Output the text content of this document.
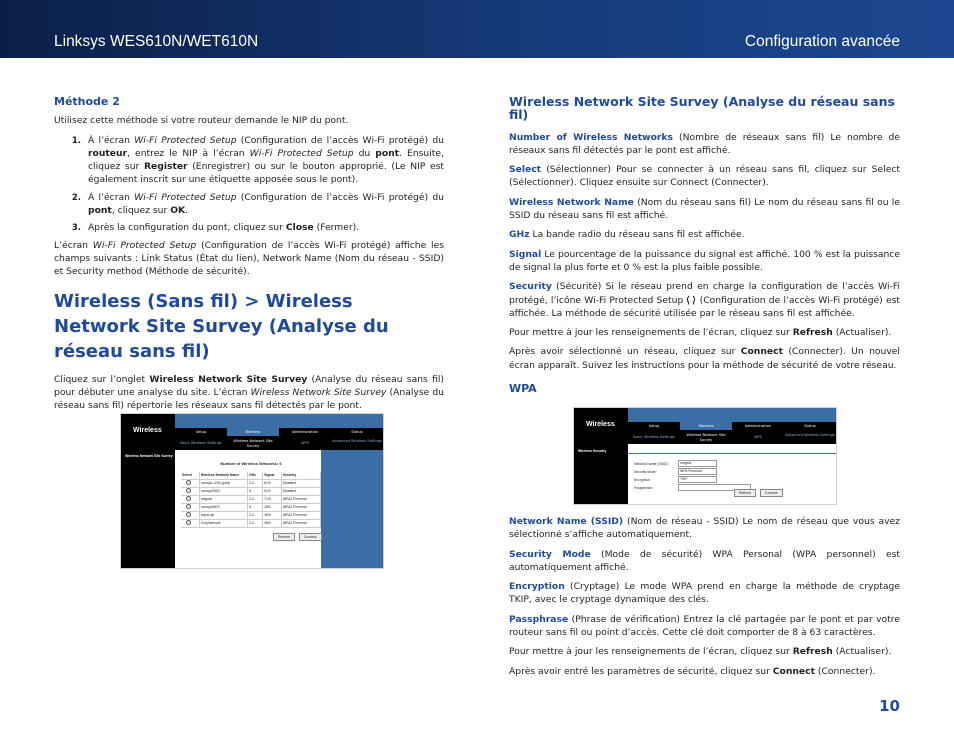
Linksys WES610N/WET610N	Configuration avancée
Méthode 2

Utilisez cette méthode si votre routeur demande le NIP du pont.

1. À l’écran Wi-Fi Protected Setup (Configuration de l’accès Wi-Fi protégé) du routeur, entrez le NIP à l’écran Wi-Fi Protected Setup du pont. Ensuite, cliquez sur Register (Enregistrer) ou sur le bouton approprié. (Le NIP est également inscrit sur une étiquette apposée sous le pont).
2. À l’écran Wi-Fi Protected Setup (Configuration de l’accès Wi-Fi protégé) du pont, cliquez sur OK.
3. Après la configuration du pont, cliquez sur Close (Fermer).

L’écran Wi-Fi Protected Setup (Configuration de l’accès Wi-Fi protégé) affiche les champs suivants : Link Status (État du lien), Network Name (Nom du réseau - SSID) et Security method (Méthode de sécurité).

Wireless (Sans fil) > Wireless Network Site Survey (Analyse du réseau sans fil)

Cliquez sur l’onglet Wireless Network Site Survey (Analyse du réseau sans fil) pour débuter une analyse du site. L’écran Wireless Network Site Survey (Analyse du réseau sans fil) répertorie les réseaux sans fil détectés par le pont.

Wireless	Setup	Wireless	Administration	Status
Basic Wireless Settings	Wireless Network Site Survey
WPS	Advanced Wireless Settings
Wireless Network Site Survey
Number of Wireless Networks: 6
Select	Wireless Network Name	GHz	Signal	Security
Linksys-1234-guest	2.4	61%	Disabled
Linksys2500	5	51%	Disabled
netgear	2.4	71%	WPA2 Personal
LinksysWES	5	28%	WPA2 Personal
home-ap	2.4	36%	WPA2 Personal
CorpNetwork	2.4	46%	WPA2 Personal
Refresh	Connect
Wireless Network Site Survey (Analyse du réseau sans fil)

Number of Wireless Networks (Nombre de réseaux sans fil) Le nombre de réseaux sans fil détectés par le pont est affiché.

Select (Sélectionner) Pour se connecter à un réseau sans fil, cliquez sur Select (Sélectionner). Cliquez ensuite sur Connect (Connecter).

Wireless Network Name (Nom du réseau sans fil) Le nom du réseau sans fil ou le SSID du réseau sans fil est affiché.

GHz La bande radio du réseau sans fil est affichée.

Signal Le pourcentage de la puissance du signal est affiché. 100 % est la puissance de signal la plus forte et 0 % est la plus faible possible.

Security (Sécurité) Si le réseau prend en charge la configuration de l’accès Wi-Fi protégé, l’icône Wi-Fi Protected Setup  (Configuration de l’accès Wi-Fi protégé) est affichée. La méthode de sécurité utilisée par le réseau sans fil est affichée.

Pour mettre à jour les renseignements de l’écran, cliquez sur Refresh (Actualiser).

Après avoir sélectionné un réseau, cliquez sur Connect (Connecter). Un nouvel écran apparaît. Suivez les instructions pour la méthode de sécurité de votre réseau.

WPA
Wireless	Setup	Wireless	Administration	Status
Basic Wireless Settings	Wireless Network Site Survey
WPS	Advanced Wireless Settings
Wireless Security
Network Name (SSID):	netgear
Security Mode:	WPA Personal
Encryption:	TKIP
Passphrase:
Refresh	Connect

Network Name (SSID) (Nom de réseau - SSID) Le nom de réseau que vous avez sélectionné s’affiche automatiquement.

Security Mode (Mode de sécurité) WPA Personal (WPA personnel) est automatiquement affiché.

Encryption (Cryptage) Le mode WPA prend en charge la méthode de cryptage TKIP, avec le cryptage dynamique des clés.

Passphrase (Phrase de vérification) Entrez la clé partagée par le pont et par votre routeur sans fil ou point d’accès. Cette clé doit comporter de 8 à 63 caractères.

Pour mettre à jour les renseignements de l’écran, cliquez sur Refresh (Actualiser).

Après avoir entré les paramètres de sécurité, cliquez sur Connect (Connecter).

10
